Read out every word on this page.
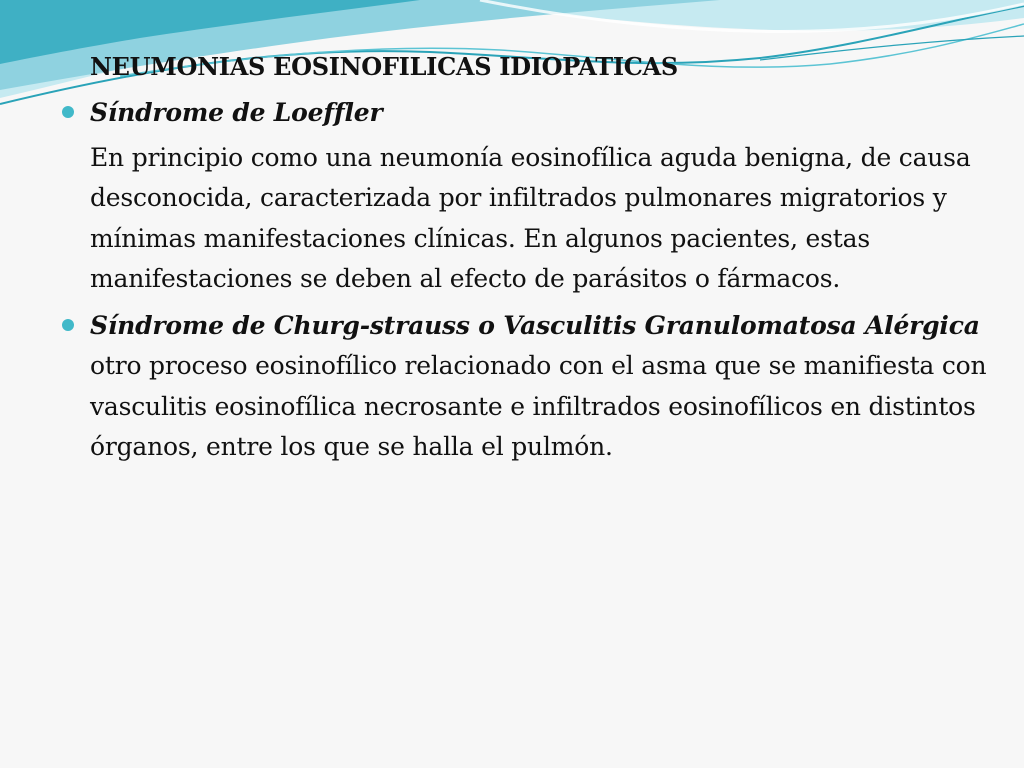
NEUMONIAS EOSINOFILICAS IDIOPATICAS

Síndrome de Loeffler

En principio como una neumonía eosinofílica aguda benigna, de causa desconocida, caracterizada por infiltrados pulmonares migratorios y mínimas manifestaciones clínicas. En algunos pacientes, estas manifestaciones se deben al efecto de parásitos o fármacos.

Síndrome de Churg-strauss o Vasculitis Granulomatosa Alérgica otro proceso eosinofílico relacionado con el asma que se manifiesta con vasculitis eosinofílica necrosante e infiltrados eosinofílicos en distintos órganos, entre los que se halla el pulmón.
